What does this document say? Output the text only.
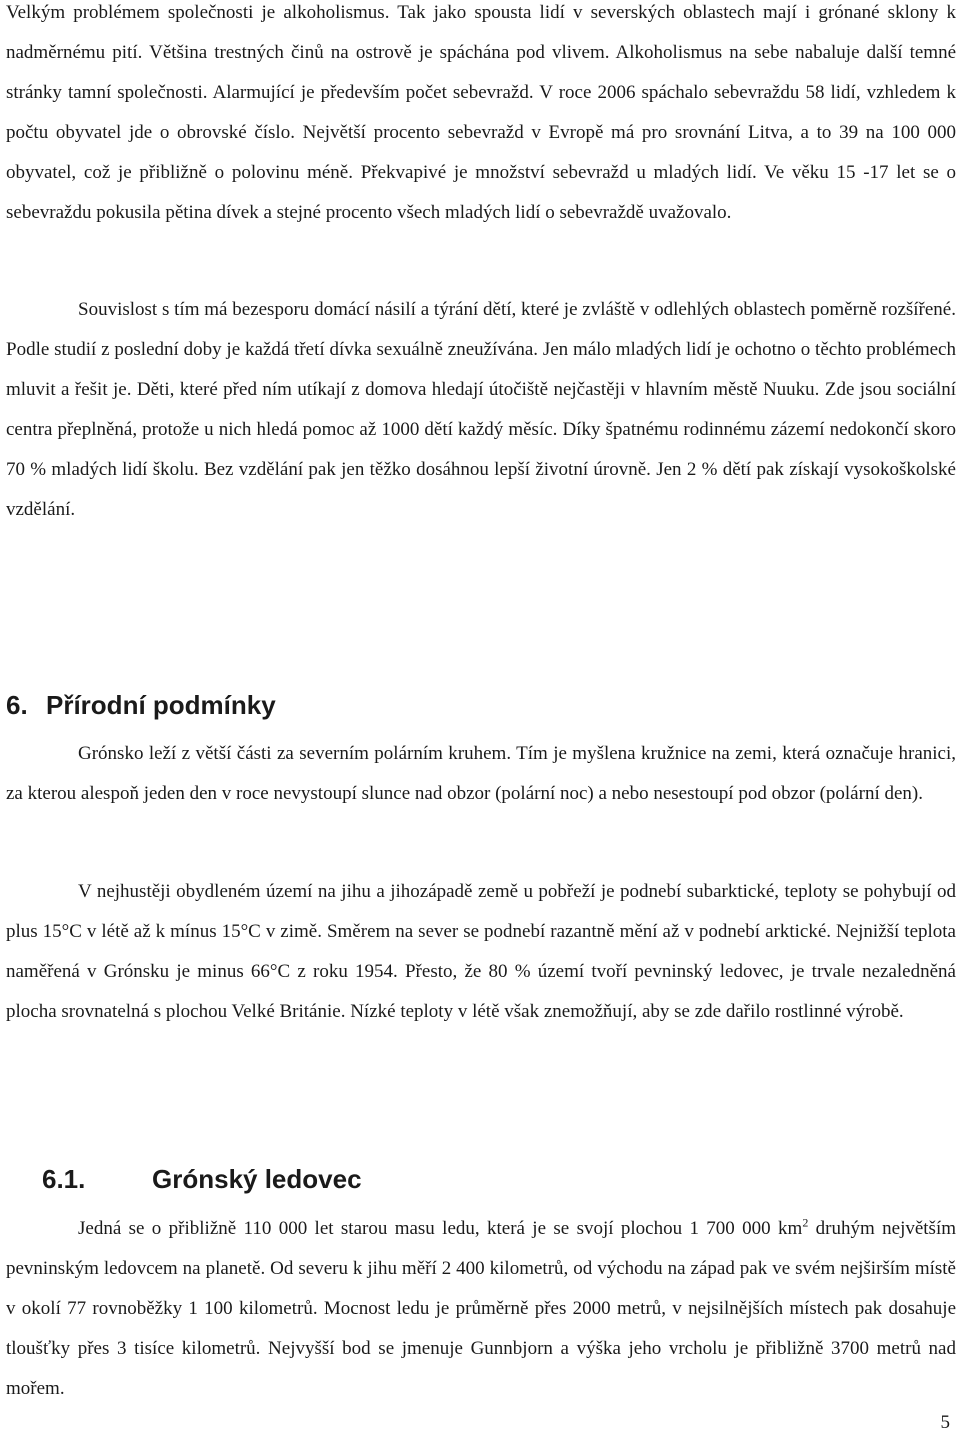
Velkým problémem společnosti je alkoholismus. Tak jako spousta lidí v severských oblastech mají i grónané sklony k nadměrnému pití. Většina trestných činů na ostrově je spáchána pod vlivem. Alkoholismus na sebe nabaluje další temné stránky tamní společnosti. Alarmující je především počet sebevražd. V roce 2006 spáchalo sebevraždu 58 lidí, vzhledem k počtu obyvatel jde o obrovské číslo. Největší procento sebevražd v Evropě má pro srovnání Litva, a to 39 na 100 000 obyvatel, což je přibližně o polovinu méně. Překvapivé je množství sebevražd u mladých lidí. Ve věku 15 -17 let se o sebevraždu pokusila pětina dívek a stejné procento všech mladých lidí o sebevraždě uvažovalo.

Souvislost s tím má bezesporu domácí násilí a týrání dětí, které je zvláště v odlehlých oblastech poměrně rozšířené. Podle studií z poslední doby je každá třetí dívka sexuálně zneužívána. Jen málo mladých lidí je ochotno o těchto problémech mluvit a řešit je. Děti, které před ním utíkají z domova hledají útočiště nejčastěji v hlavním městě Nuuku. Zde jsou sociální centra přeplněná, protože u nich hledá pomoc až 1000 dětí každý měsíc. Díky špatnému rodinnému zázemí nedokončí skoro 70 % mladých lidí školu. Bez vzdělání pak jen těžko dosáhnou lepší životní úrovně. Jen 2 % dětí pak získají vysokoškolské vzdělání.

6. Přírodní podmínky

Grónsko leží z větší části za severním polárním kruhem. Tím je myšlena kružnice na zemi, která označuje hranici, za kterou alespoň jeden den v roce nevystoupí slunce nad obzor (polární noc) a nebo nesestoupí pod obzor (polární den).

V nejhustěji obydleném území na jihu a jihozápadě země u pobřeží je podnebí subarktické, teploty se pohybují od plus 15°C v létě až k mínus 15°C v zimě. Směrem na sever se podnebí razantně mění až v podnebí arktické. Nejnižší teplota naměřená v Grónsku je minus 66°C z roku 1954. Přesto, že 80 % území tvoří pevninský ledovec, je trvale nezaledněná plocha srovnatelná s plochou Velké Británie. Nízké teploty v létě však znemožňují, aby se zde dařilo rostlinné výrobě.

6.1.	Grónský ledovec

Jedná se o přibližně 110 000 let starou masu ledu, která je se svojí plochou 1 700 000 $km^2$ druhým největším pevninským ledovcem na planetě. Od severu k jihu měří 2 400 kilometrů, od východu na západ pak ve svém nejširším místě v okolí 77 rovnoběžky 1 100 kilometrů. Mocnost ledu je průměrně přes 2000 metrů, v nejsilnějších místech pak dosahuje tloušťky přes 3 tisíce kilometrů. Nejvyšší bod se jmenuje Gunnbjorn a výška jeho vrcholu je přibližně 3700 metrů nad mořem.

5
